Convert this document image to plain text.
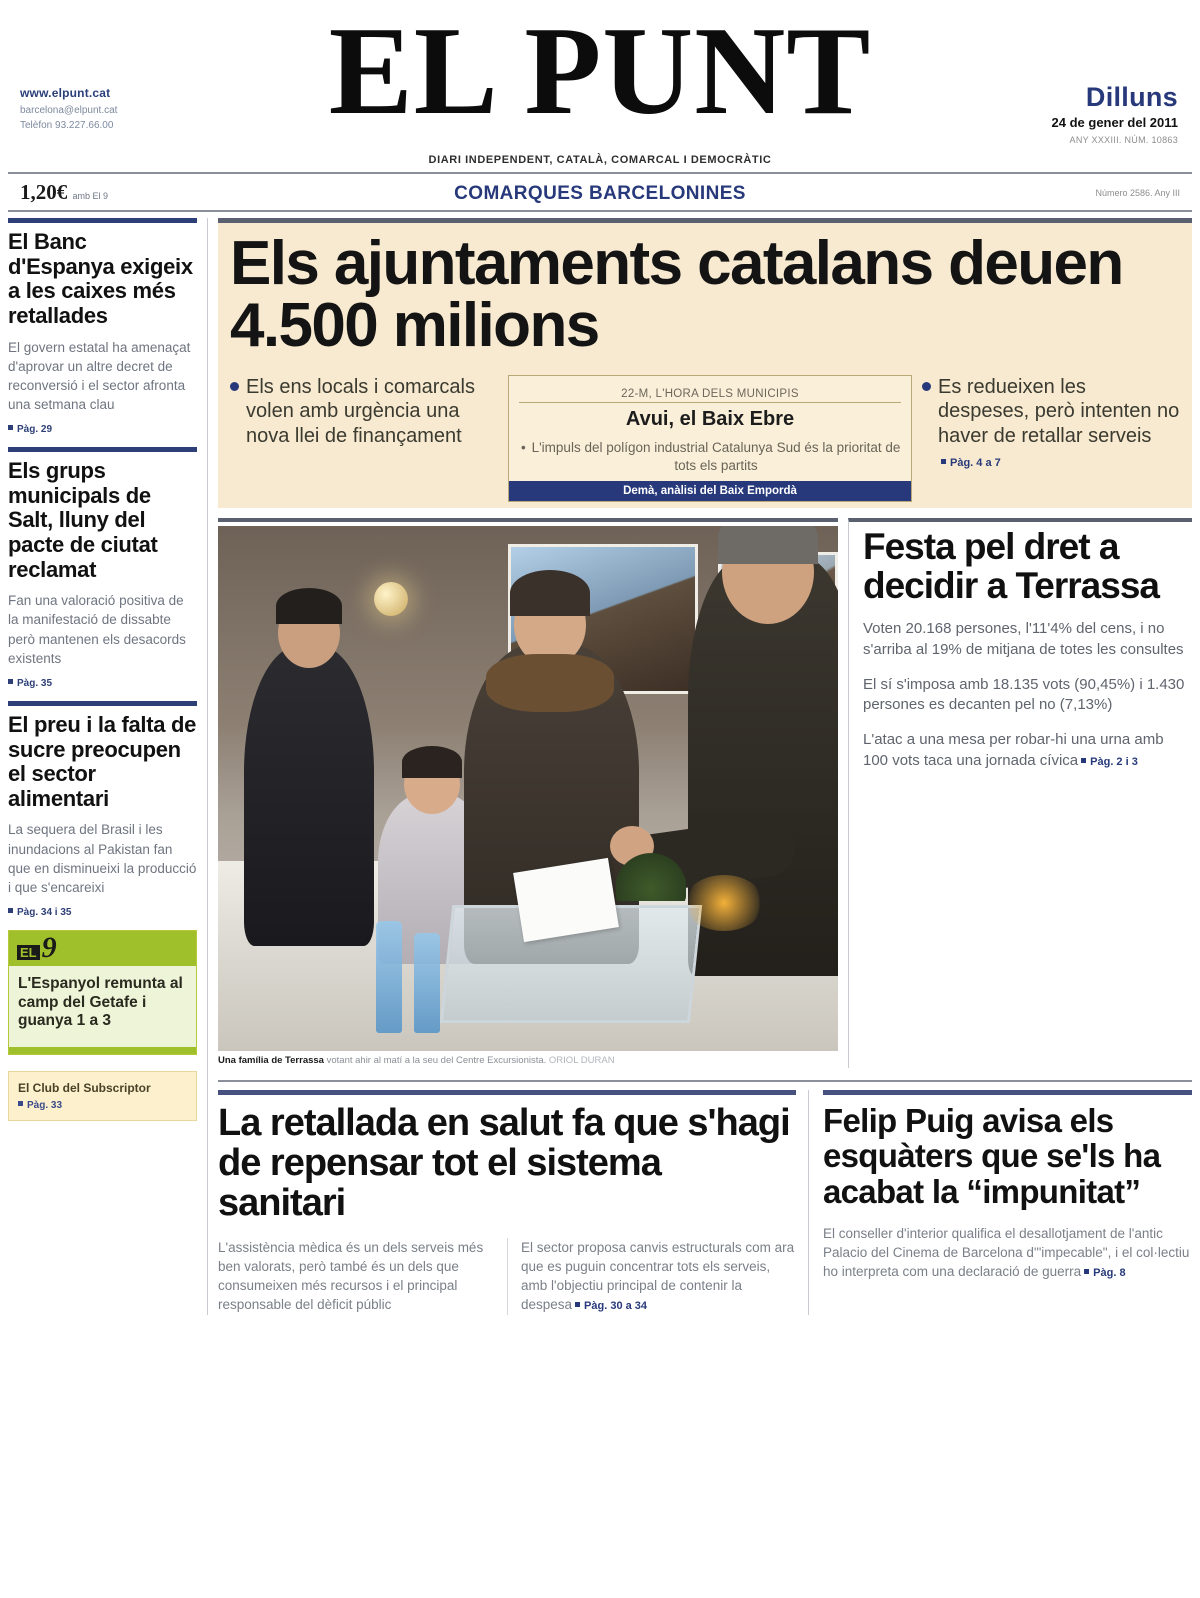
www.elpunt.cat
barcelona@elpunt.cat
Telèfon 93.227.66.00	EL PUNT
DIARI INDEPENDENT, CATALÀ, COMARCAL I DEMOCRÀTIC
Dilluns
24 de gener del 2011
ANY XXXIII. NÚM. 10863
1,20€ amb El 9	COMARQUES BARCELONINES	Número 2586. Any III
El Banc d'Espanya exigeix a les caixes més retallades
El govern estatal ha amenaçat d'aprovar un altre decret de reconversió i el sector afronta una setmana clau
Pàg. 29
Els grups municipals de Salt, lluny del pacte de ciutat reclamat
Fan una valoració positiva de la manifestació de dissabte però mantenen els desacords existents
Pàg. 35
El preu i la falta de sucre preocupen el sector alimentari
La sequera del Brasil i les inundacions al Pakistan fan que en disminueixi la producció i que s'encareixi
Pàg. 34 i 35
EL 9
L'Espanyol remunta al camp del Getafe i guanya 1 a 3
El Club del Subscriptor
Pàg. 33
Els ajuntaments catalans deuen 4.500 milions
Els ens locals i comarcals volen amb urgència una nova llei de finançament
22-M, L'HORA DELS MUNICIPIS
Avui, el Baix Ebre
• L'impuls del polígon industrial Catalunya Sud és la prioritat de tots els partits
Demà, anàlisi del Baix Empordà
Es redueixen les despeses, però intenten no haver de retallar serveisPàg. 4 a 7
Una família de Terrassa votant ahir al matí a la seu del Centre Excursionista. ORIOL DURAN
Festa pel dret a decidir a Terrassa
Voten 20.168 persones, l'11'4% del cens, i no s'arriba al 19% de mitjana de totes les consultes
El sí s'imposa amb 18.135 vots (90,45%) i 1.430 persones es decanten pel no (7,13%)
L'atac a una mesa per robar-hi una urna amb 100 vots taca una jornada cívica Pàg. 2 i 3
La retallada en salut fa que s'hagi de repensar tot el sistema sanitari
L'assistència mèdica és un dels serveis més ben valorats, però també és un dels que consumeixen més recursos i el principal responsable del dèficit públic
El sector proposa canvis estructurals com ara que es puguin concentrar tots els serveis, amb l'objectiu principal de contenir la despesa Pàg. 30 a 34
Felip Puig avisa els esquàters que se'ls ha acabat la “impunitat”
El conseller d'interior qualifica el desallotjament de l'antic Palacio del Cinema de Barcelona d'"impecable", i el col·lectiu ho interpreta com una declaració de guerra Pàg. 8
